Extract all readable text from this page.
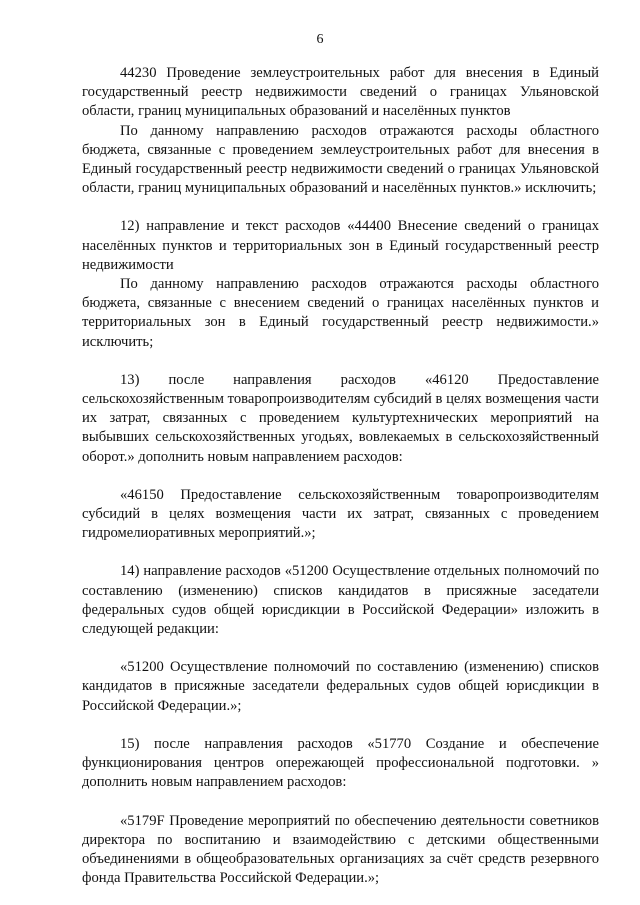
6

44230 Проведение землеустроительных работ для внесения в Единый государственный реестр недвижимости сведений о границах Ульяновской области, границ муниципальных образований и населённых пунктов

По данному направлению расходов отражаются расходы областного бюджета, связанные с проведением землеустроительных работ для внесения в Единый государственный реестр недвижимости сведений о границах Ульяновской области, границ муниципальных образований и населённых пунктов.» исключить;

12) направление и текст расходов «44400 Внесение сведений о границах населённых пунктов и территориальных зон в Единый государственный реестр недвижимости

По данному направлению расходов отражаются расходы областного бюджета, связанные с внесением сведений о границах населённых пунктов и территориальных зон в Единый государственный реестр недвижимости.» исключить;

13) после направления расходов «46120 Предоставление сельскохозяйственным товаропроизводителям субсидий в целях возмещения части их затрат, связанных с проведением культуртехнических мероприятий на выбывших сельскохозяйственных угодьях, вовлекаемых в сельскохозяйственный оборот.» дополнить новым направлением расходов:

«46150 Предоставление сельскохозяйственным товаропроизводителям субсидий в целях возмещения части их затрат, связанных с проведением гидромелиоративных мероприятий.»;

14) направление расходов «51200 Осуществление отдельных полномочий по составлению (изменению) списков кандидатов в присяжные заседатели федеральных судов общей юрисдикции в Российской Федерации» изложить в следующей редакции:

«51200 Осуществление полномочий по составлению (изменению) списков кандидатов в присяжные заседатели федеральных судов общей юрисдикции в Российской Федерации.»;

15) после направления расходов «51770 Создание и обеспечение функционирования центров опережающей профессиональной подготовки. » дополнить новым направлением расходов:

«5179F Проведение мероприятий по обеспечению деятельности советников директора по воспитанию и взаимодействию с детскими общественными объединениями в общеобразовательных организациях за счёт средств резервного фонда Правительства Российской Федерации.»;
